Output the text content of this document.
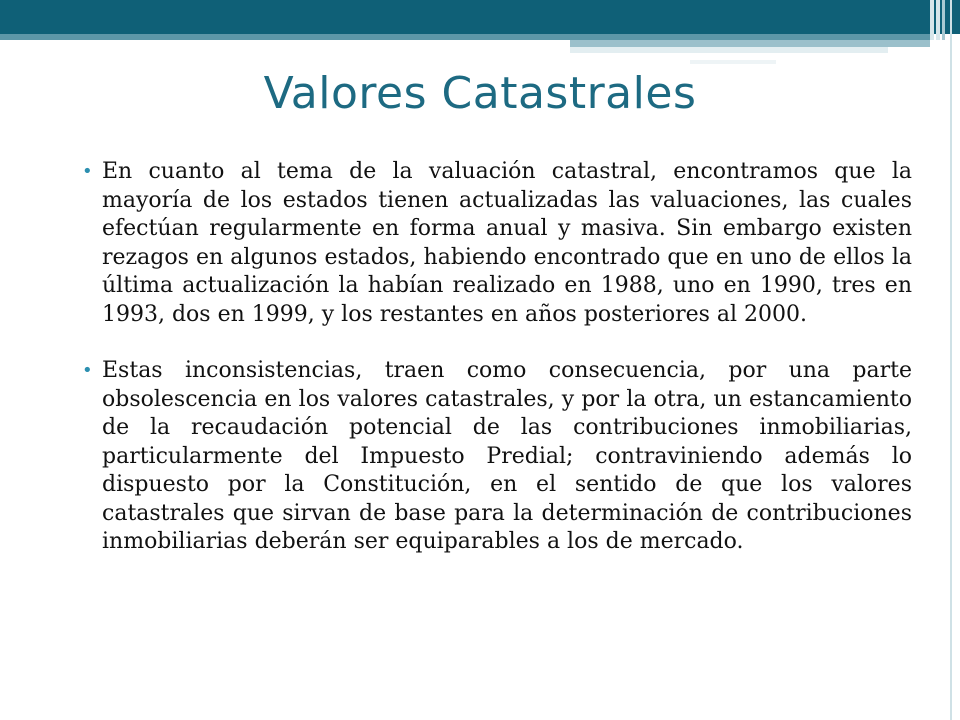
Valores Catastrales
• En cuanto al tema de la valuación catastral, encontramos que la mayoría de los estados tienen actualizadas las valuaciones, las cuales efectúan regularmente en forma anual y masiva. Sin embargo existen rezagos en algunos estados, habiendo encontrado que en uno de ellos la última actualización la habían realizado en 1988, uno en 1990, tres en 1993, dos en 1999, y los restantes en años posteriores al 2000.
• Estas inconsistencias, traen como consecuencia, por una parte obsolescencia en los valores catastrales, y por la otra, un estancamiento de la recaudación potencial de las contribuciones inmobiliarias, particularmente del Impuesto Predial; contraviniendo además lo dispuesto por la Constitución, en el sentido de que los valores catastrales que sirvan de base para la determinación de contribuciones inmobiliarias deberán ser equiparables a los de mercado.
